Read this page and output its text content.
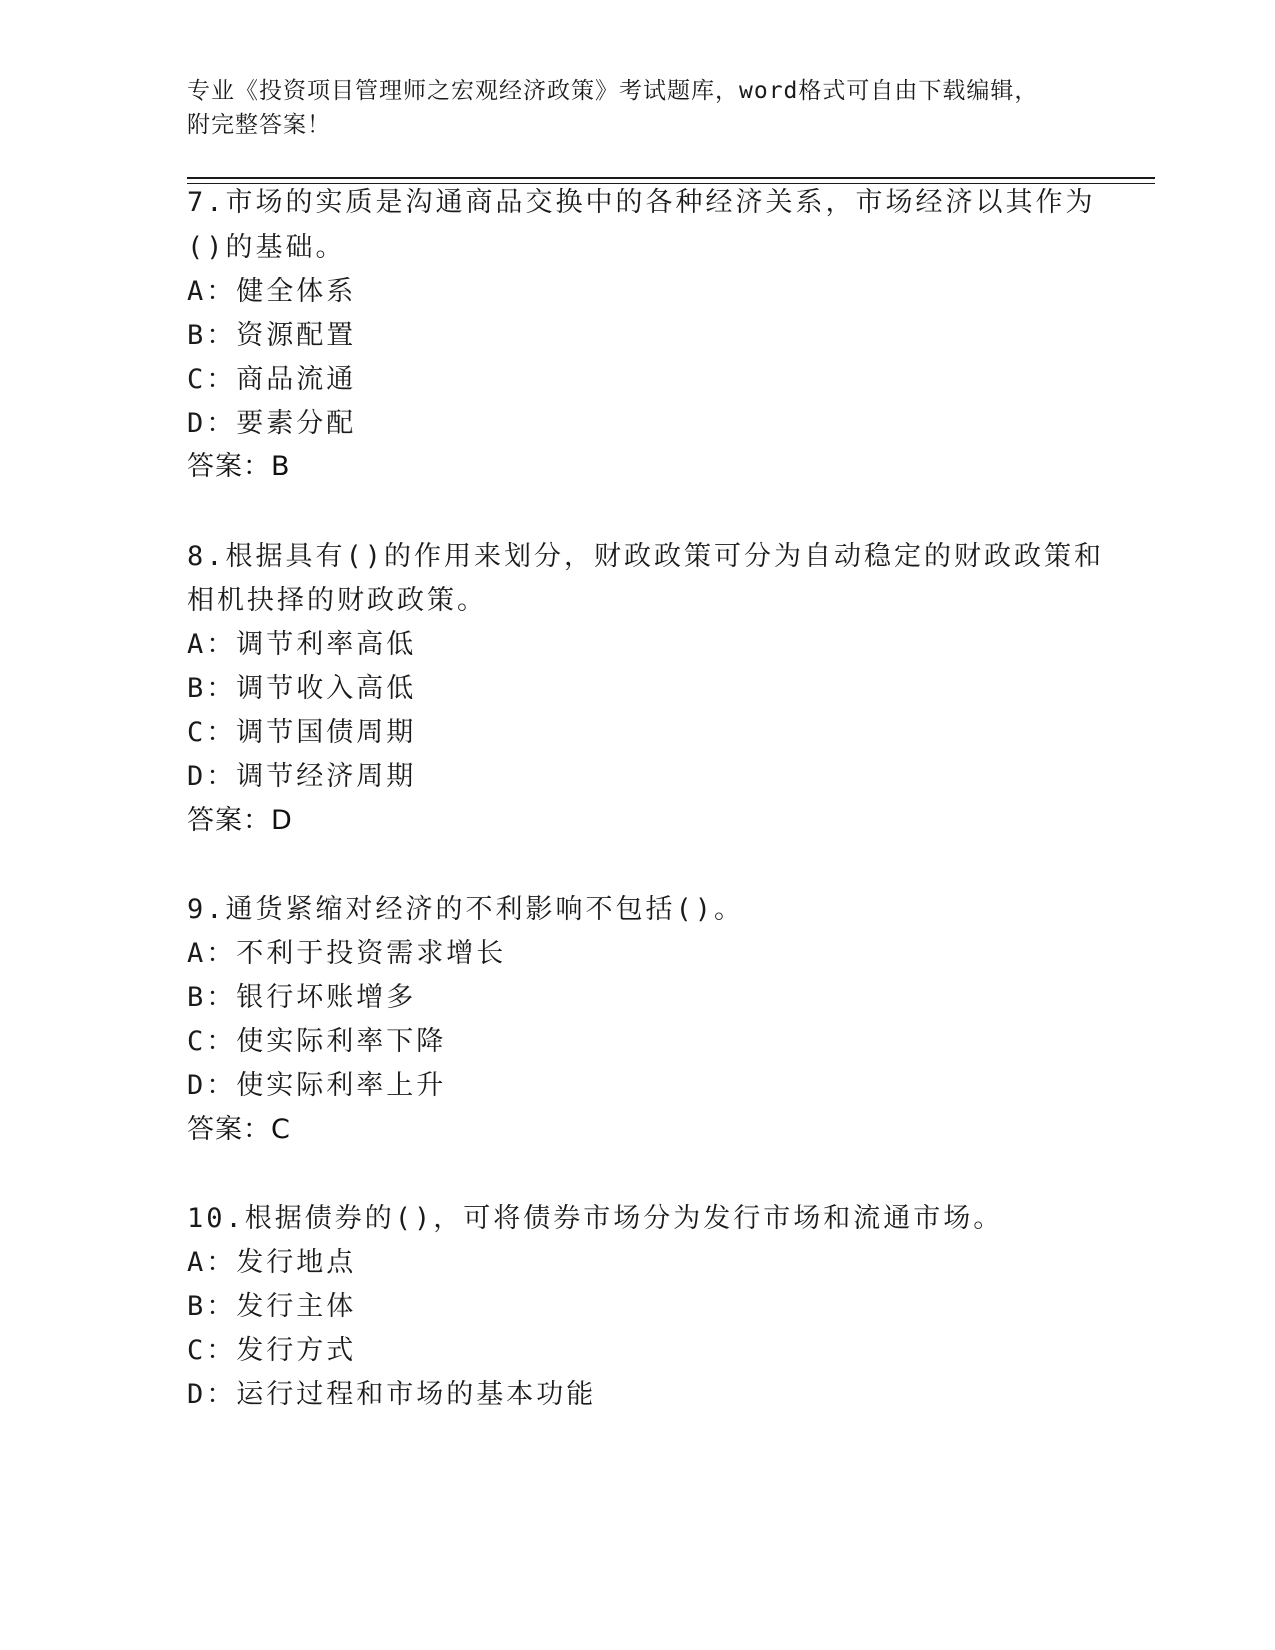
专业《投资项目管理师之宏观经济政策》考试题库，word格式可自由下载编辑，
附完整答案！
7.市场的实质是沟通商品交换中的各种经济关系，市场经济以其作为
()的基础。
A：健全体系
B：资源配置
C：商品流通
D：要素分配
答案：B
8.根据具有()的作用来划分，财政政策可分为自动稳定的财政政策和
相机抉择的财政政策。
A：调节利率高低
B：调节收入高低
C：调节国债周期
D：调节经济周期
答案：D
9.通货紧缩对经济的不利影响不包括()。
A：不利于投资需求增长
B：银行坏账增多
C：使实际利率下降
D：使实际利率上升
答案：C
10.根据债券的()，可将债券市场分为发行市场和流通市场。
A：发行地点
B：发行主体
C：发行方式
D：运行过程和市场的基本功能
